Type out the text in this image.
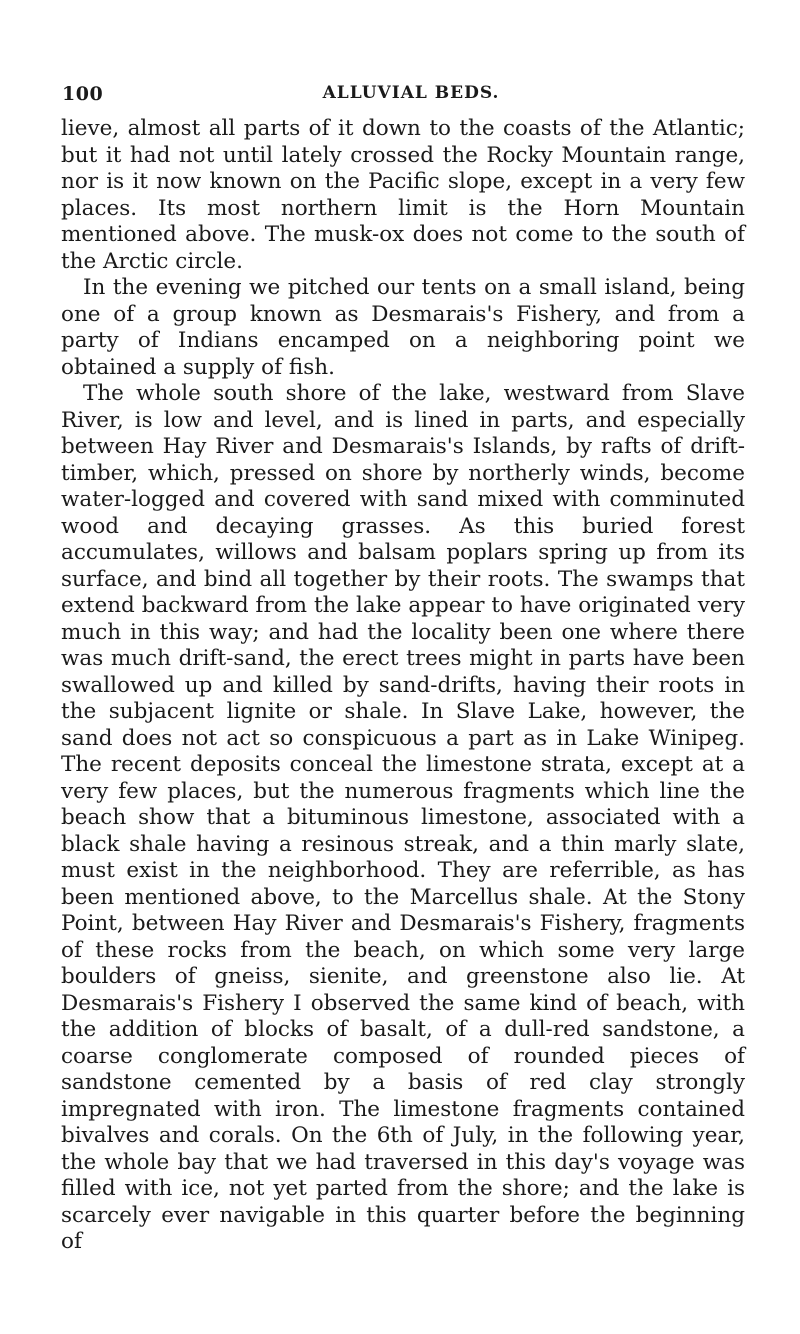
100	ALLUVIAL BEDS.

lieve, almost all parts of it down to the coasts of the Atlantic; but it had not until lately crossed the Rocky Mountain range, nor is it now known on the Pacific slope, except in a very few places. Its most northern limit is the Horn Mountain mentioned above. The musk-ox does not come to the south of the Arctic circle.

In the evening we pitched our tents on a small island, being one of a group known as Desmarais's Fishery, and from a party of Indians encamped on a neighboring point we obtained a supply of fish.

The whole south shore of the lake, westward from Slave River, is low and level, and is lined in parts, and especially between Hay River and Desmarais's Islands, by rafts of drift-timber, which, pressed on shore by northerly winds, become water-logged and covered with sand mixed with comminuted wood and decaying grasses. As this buried forest accumulates, willows and balsam poplars spring up from its surface, and bind all together by their roots. The swamps that extend backward from the lake appear to have originated very much in this way; and had the locality been one where there was much drift-sand, the erect trees might in parts have been swallowed up and killed by sand-drifts, having their roots in the subjacent lignite or shale. In Slave Lake, however, the sand does not act so conspicuous a part as in Lake Winipeg. The recent deposits conceal the limestone strata, except at a very few places, but the numerous fragments which line the beach show that a bituminous limestone, associated with a black shale having a resinous streak, and a thin marly slate, must exist in the neighborhood. They are referrible, as has been mentioned above, to the Marcellus shale. At the Stony Point, between Hay River and Desmarais's Fishery, fragments of these rocks from the beach, on which some very large boulders of gneiss, sienite, and greenstone also lie. At Desmarais's Fishery I observed the same kind of beach, with the addition of blocks of basalt, of a dull-red sandstone, a coarse conglomerate composed of rounded pieces of sandstone cemented by a basis of red clay strongly impregnated with iron. The limestone fragments contained bivalves and corals. On the 6th of July, in the following year, the whole bay that we had traversed in this day's voyage was filled with ice, not yet parted from the shore; and the lake is scarcely ever navigable in this quarter before the beginning of
